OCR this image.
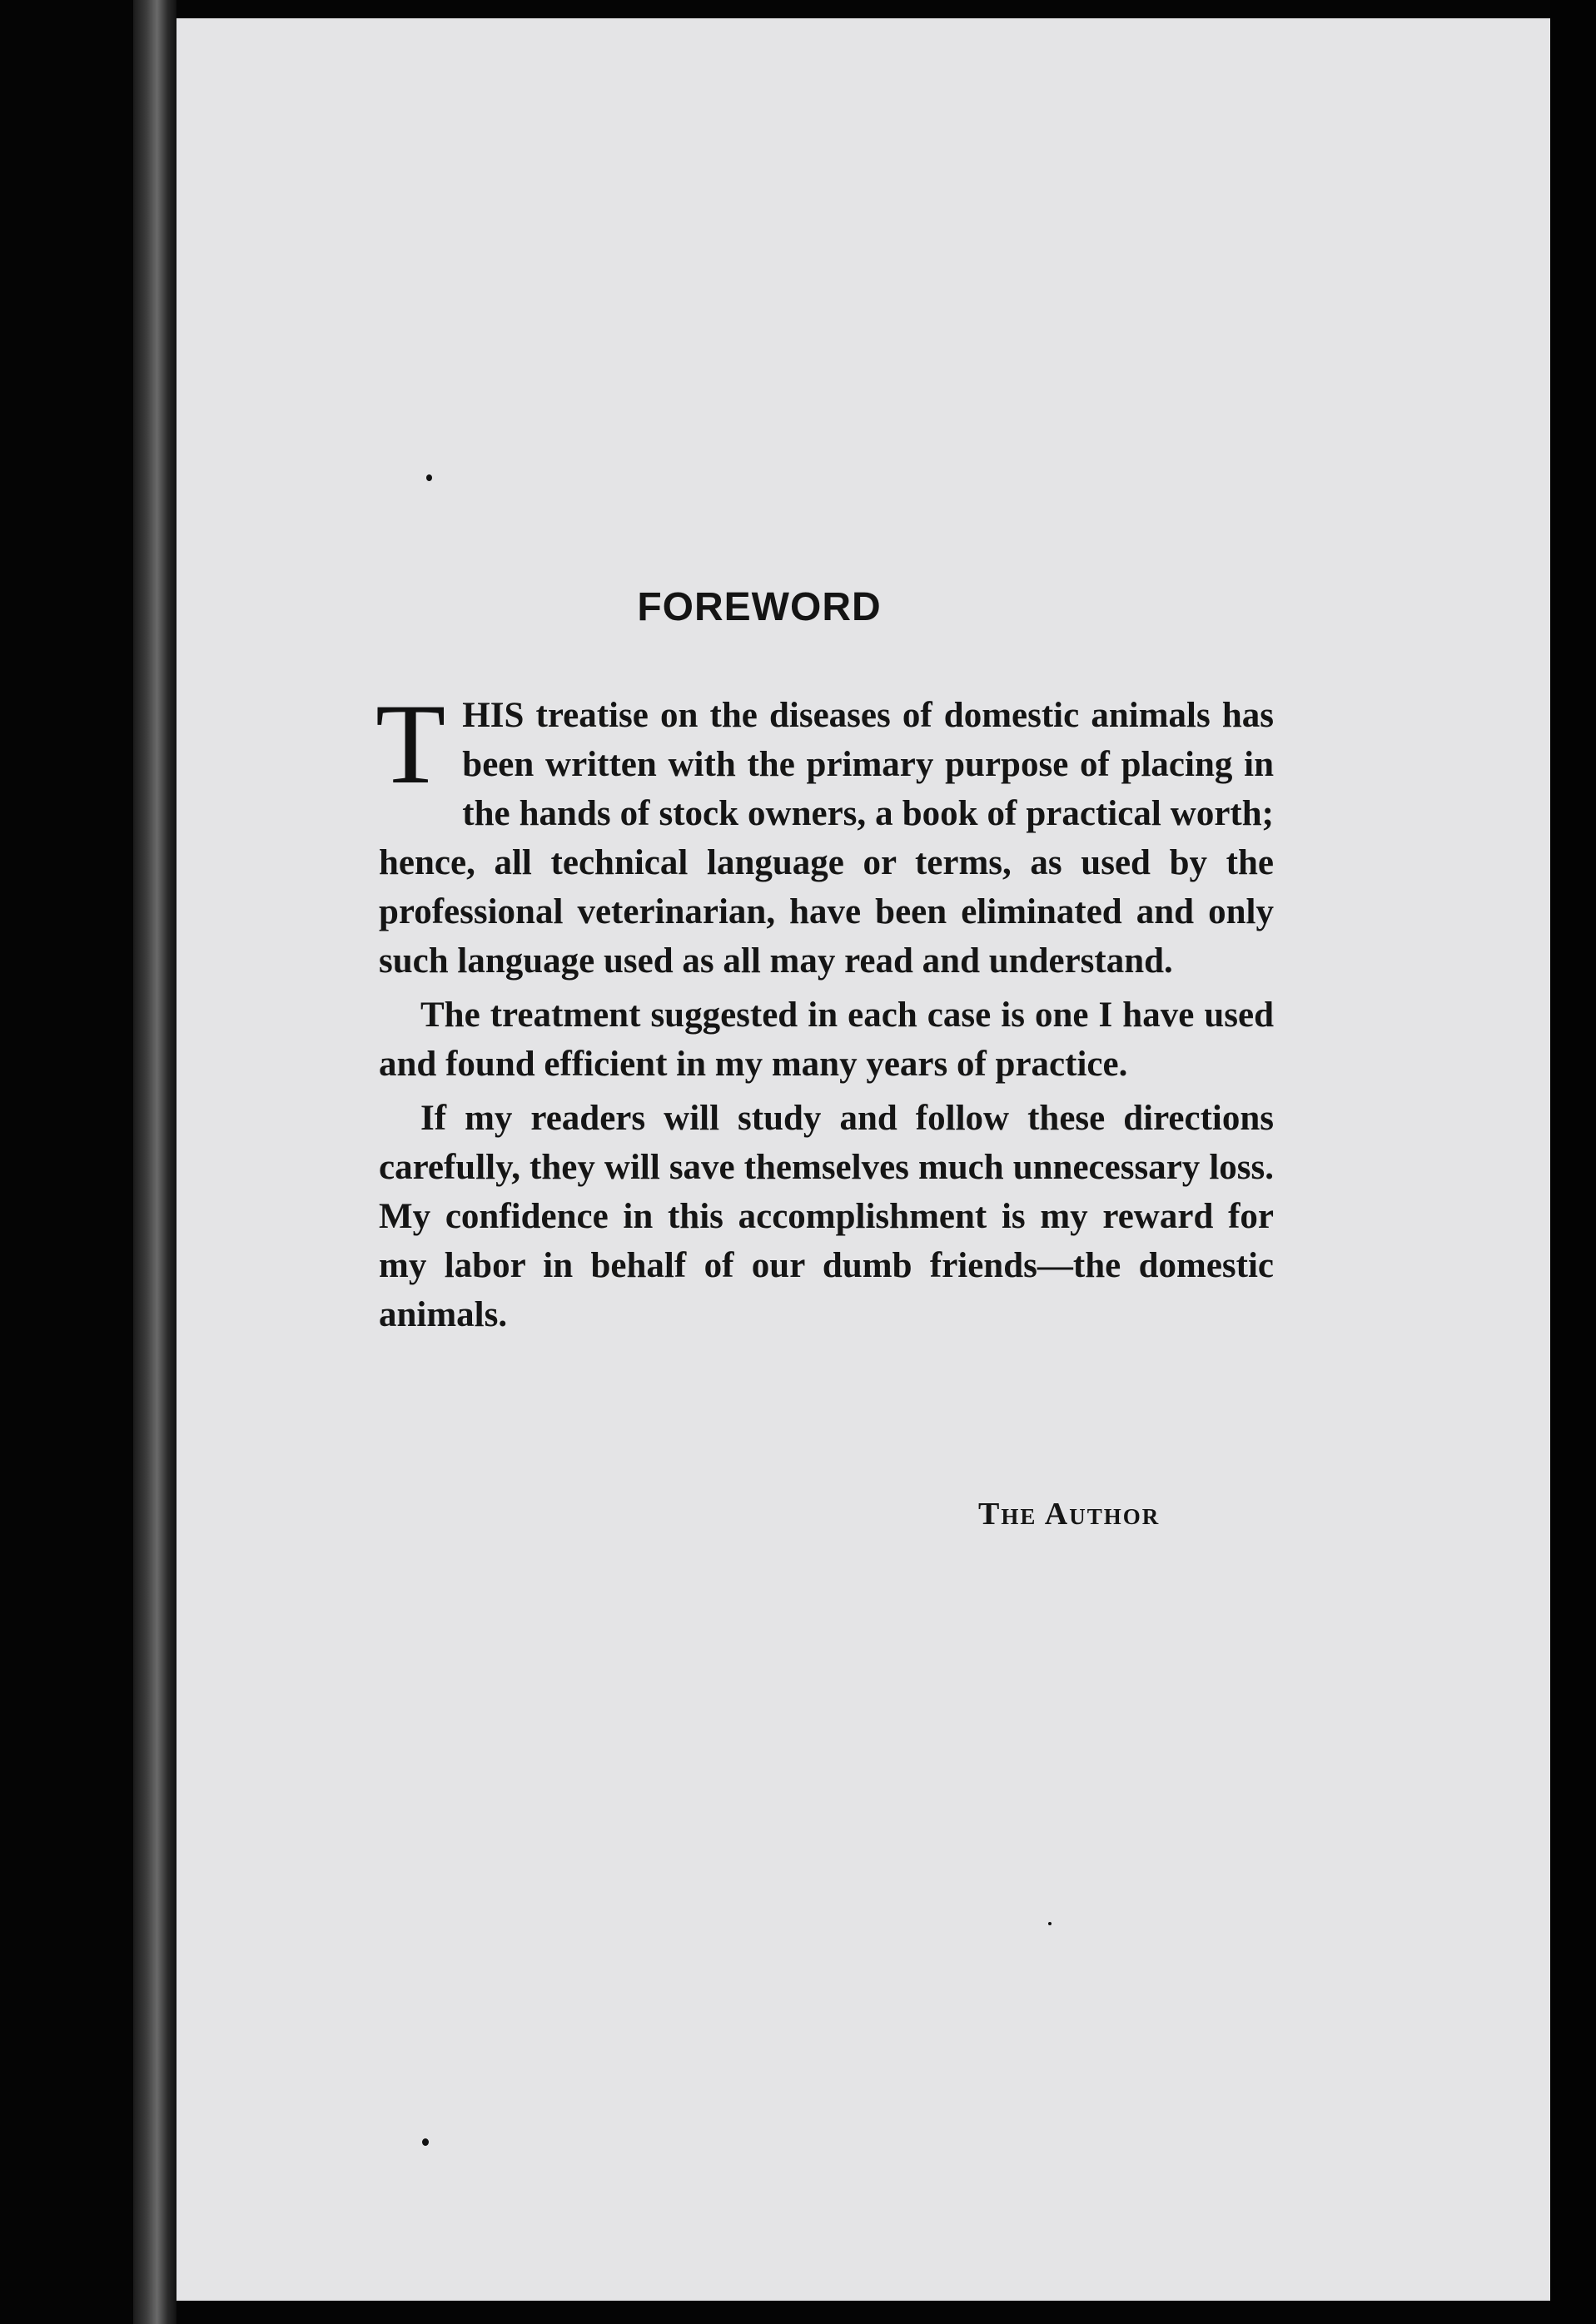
FOREWORD

THIS treatise on the diseases of domestic animals has been written with the primary purpose of placing in the hands of stock owners, a book of practical worth; hence, all technical language or terms, as used by the professional veterinarian, have been eliminated and only such language used as all may read and understand.

The treatment suggested in each case is one I have used and found efficient in my many years of practice.

If my readers will study and follow these directions carefully, they will save themselves much unnecessary loss. My confidence in this accomplishment is my reward for my labor in behalf of our dumb friends—the domestic animals.

The Author
